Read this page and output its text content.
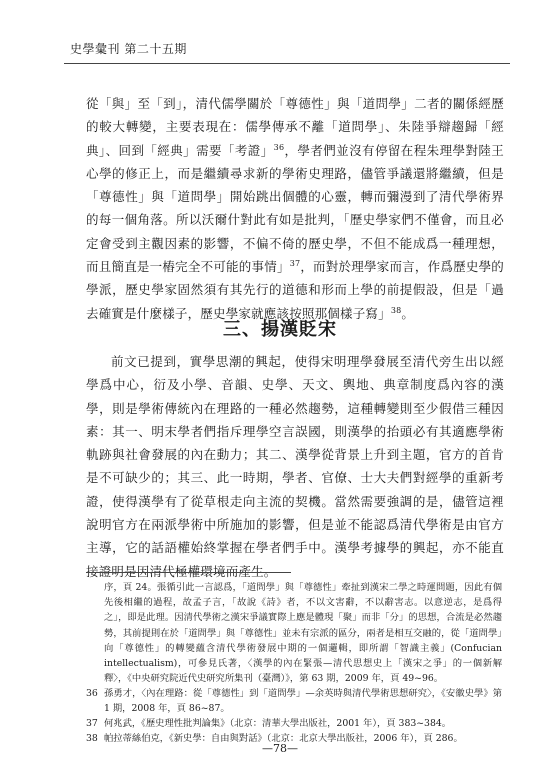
史學彙刊 第二十五期

從「與」至「到」，清代儒學關於「尊德性」與「道問學」二者的關係經歷的較大轉變，主要表現在：儒學傳承不離「道問學」、朱陸爭辯趨歸「經典」、回到「經典」需要「考證」$^{36}$，學者們並沒有停留在程朱理學對陸王心學的修正上，而是繼續尋求新的學術史理路，儘管爭議還將繼續，但是「尊德性」與「道問學」開始跳出個體的心靈，轉而彌漫到了清代學術界的每一個角落。所以沃爾什對此有如是批判，「歷史學家們不僅會，而且必定會受到主觀因素的影響，不偏不倚的歷史學，不但不能成爲一種理想，而且簡直是一樁完全不可能的事情」$^{37}$，而對於理學家而言，作爲歷史學的學派，歷史學家固然須有其先行的道德和形而上學的前提假設，但是「過去確實是什麼樣子，歷史學家就應該按照那個樣子寫」$^{38}$。

三、揚漢貶宋

前文已提到，實學思潮的興起，使得宋明理學發展至清代旁生出以經學爲中心，衍及小學、音韻、史學、天文、輿地、典章制度爲內容的漢學，則是學術傳統內在理路的一種必然趨勢，這種轉變則至少假借三種因素：其一、明末學者們指斥理學空言誤國，則漢學的抬頭必有其適應學術軌跡與社會發展的內在動力；其二、漢學從背景上升到主題，官方的首肯是不可缺少的；其三、此一時期，學者、官僚、士大夫們對經學的重新考證，使得漢學有了從草根走向主流的契機。當然需要強調的是，儘管這裡說明官方在兩派學術中所施加的影響，但是並不能認爲清代學術是由官方主導，它的話語權始終掌握在學者們手中。漢學考據學的興起，亦不能直接證明是因清代極權環境而產生。

序，頁 24。張循引此一言認爲，「道問學」與「尊德性」牽扯到漢宋二學之時運問題，因此有個先後相繼的過程，故孟子言，「故說《詩》者，不以文害辭，不以辭害志。以意逆志，是爲得之」，即是此理。因清代學術之漢宋爭議實際上應是體現「聚」而非「分」的思想，合流是必然趨勢，其前提則在於「道問學」與「尊德性」並未有宗派的區分，兩者是相互交融的，從「道問學」向「尊德性」的轉變蘊含清代學術發展中期的一個邏輯，即所謂「智識主義」(Confucian intellectualism)，可參見氏著，〈漢學的內在緊張—清代思想史上「漢宋之爭」的一個新解釋〉，《中央研究院近代史研究所集刊（臺灣）》，第 63 期，2009 年，頁 49~96。

—78—
36 孫勇才，〈內在理路：從「尊德性」到「道問學」—余英時與清代學術思想研究〉，《安徽史學》第 1 期，2008 年，頁 86~87。

37 何兆武，《歷史理性批判論集》（北京：清華大學出版社，2001 年），頁 383~384。

38 帕拉蒂絲伯克，《新史學：自由與對話》（北京：北京大學出版社，2006 年），頁 286。
